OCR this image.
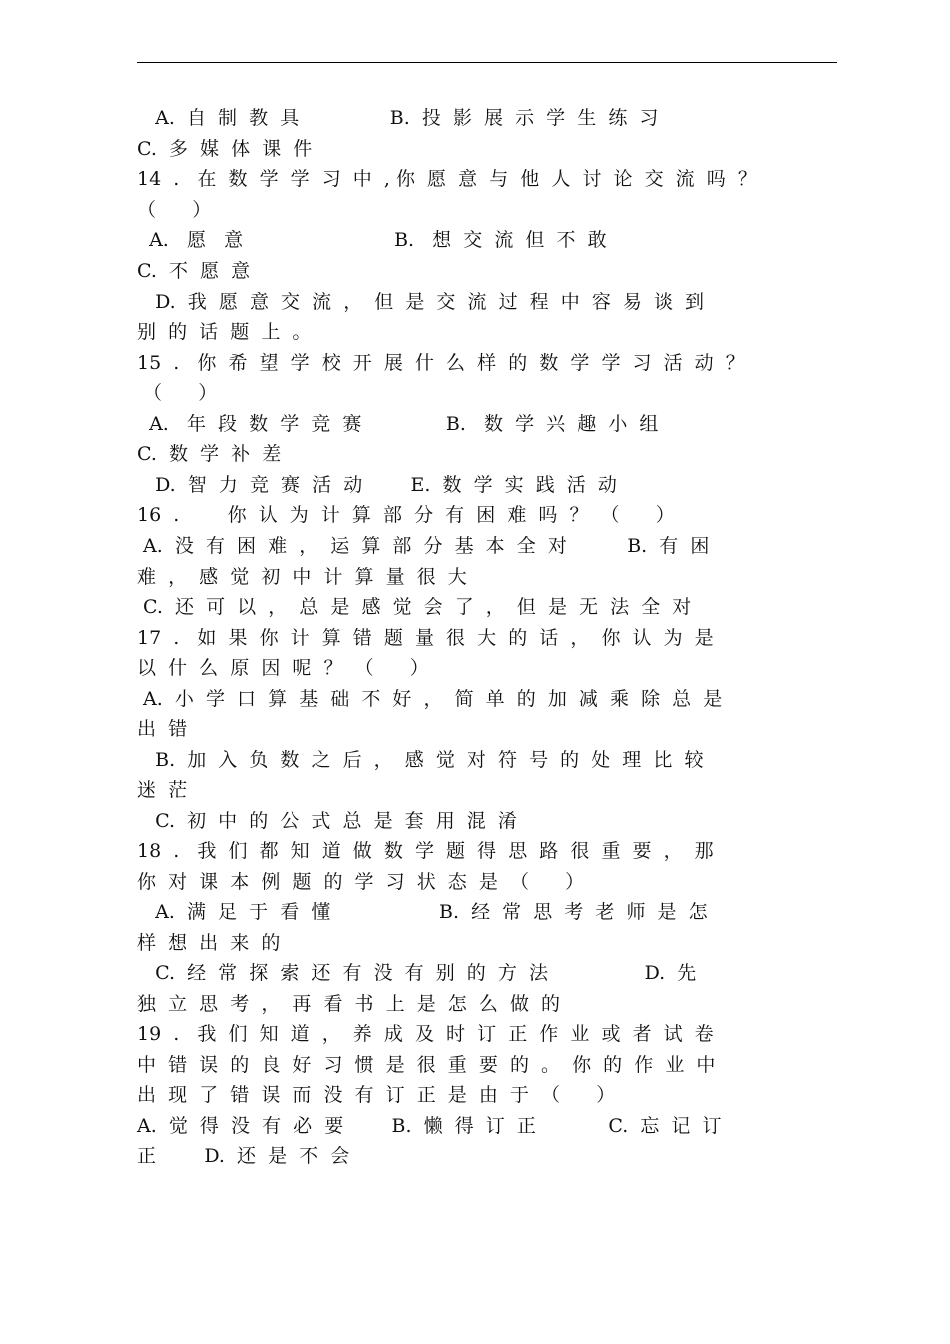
A.  自  制  教  具               B.  投  影  展  示  学  生  练  习
C.  多  媒  体  课  件
14  .   在  数  学  学  习  中  , 你  愿  意  与  他  人  讨  论  交  流  吗  ？
（      ）
A.   愿   意                         B.   想  交  流  但  不  敢
C.  不  愿  意
D.  我  愿  意  交  流  ，  但  是  交  流  过  程  中  容  易  谈  到
别  的  话  题  上  。
15  .   你  希  望  学  校  开  展  什  么  样  的  数  学  学  习  活  动  ？
（      ）
A.   年  段  数  学  竞  赛              B.   数  学  兴  趣  小  组
C.  数  学  补  差
D.  智  力  竞  赛  活  动        E.  数  学  实  践  活  动
16  .        你  认  为  计  算  部  分  有  困  难  吗  ？  （      ）
A.  没  有  困  难  ，  运  算  部  分  基  本  全  对          B.  有  困
难  ，  感  觉  初  中  计  算  量  很  大
C.  还  可  以  ，  总  是  感  觉  会  了  ，  但  是  无  法  全  对
17  .   如  果  你  计  算  错  题  量  很  大  的  话  ，  你  认  为  是
以  什  么  原  因  呢  ？  （      ）
A.  小  学  口  算  基  础  不  好  ，  简  单  的  加  减  乘  除  总  是
出  错
B.  加  入  负  数  之  后  ，  感  觉  对  符  号  的  处  理  比  较
迷  茫
C.  初  中  的  公  式  总  是  套  用  混  淆
18  .   我  们  都  知  道  做  数  学  题  得  思  路  很  重  要  ，  那
你  对  课  本  例  题  的  学  习  状  态  是  （      ）
A.  满  足  于  看  懂                  B.  经  常  思  考  老  师  是  怎
样  想  出  来  的
C.  经  常  探  索  还  有  没  有  别  的  方  法                D.  先
独  立  思  考  ，  再  看  书  上  是  怎  么  做  的
19  .   我  们  知  道  ，  养  成  及  时  订  正  作  业  或  者  试  卷
中  错  误  的  良  好  习  惯  是  很  重  要  的  。  你  的  作  业  中
出  现  了  错  误  而  没  有  订  正  是  由  于  （      ）
A.  觉  得  没  有  必  要        B.  懒  得  订  正            C.  忘  记  订
正        D.  还  是  不  会
